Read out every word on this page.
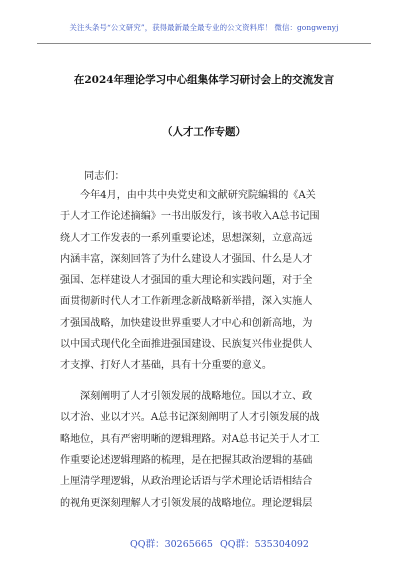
关注头条号“公文研究”，获得最新最全最专业的公文资料库！ 微信：gongwenyj
在2024年理论学习中心组集体学习研讨会上的交流发言
（人才工作专题）
同志们：
今年4月，由中共中央党史和文献研究院编辑的《A关
于人才工作论述摘编》一书出版发行，该书收入A总书记围
绕人才工作发表的一系列重要论述，思想深刻，立意高远
内涵丰富，深刻回答了为什么建设人才强国、什么是人才
强国、怎样建设人才强国的重大理论和实践问题，对于全
面贯彻新时代人才工作新理念新战略新举措，深入实施人
才强国战略，加快建设世界重要人才中心和创新高地，为
以中国式现代化全面推进强国建设、民族复兴伟业提供人
才支撑、打好人才基础，具有十分重要的意义。
深刻阐明了人才引领发展的战略地位。国以才立、政
以才治、业以才兴。A总书记深刻阐明了人才引领发展的战
略地位，具有严密明晰的逻辑理路。对A总书记关于人才工
作重要论述逻辑理路的梳理，是在把握其政治逻辑的基础
上厘清学理逻辑，从政治理论话语与学术理论话语相结合
的视角更深刻理解人才引领发展的战略地位。理论逻辑层
QQ群：30265665 QQ群：535304092
